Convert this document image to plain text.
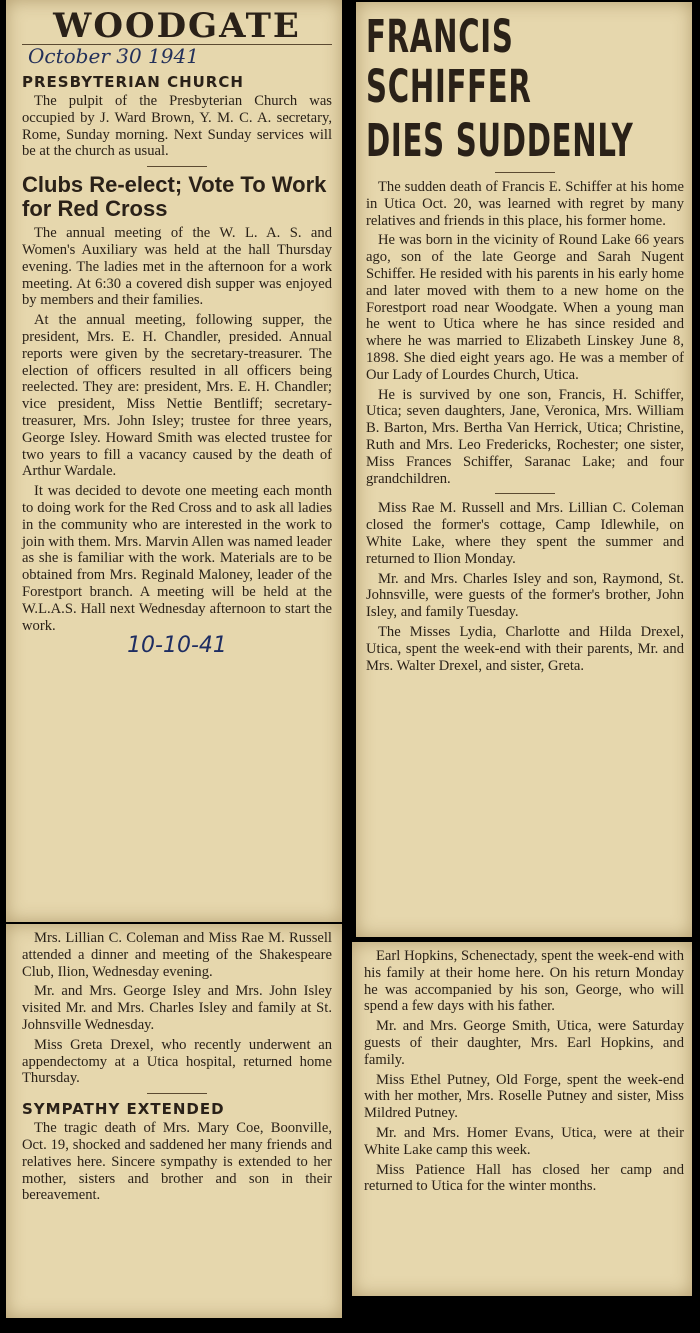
WOODGATE
October 30 1941
PRESBYTERIAN CHURCH

The pulpit of the Presbyterian Church was occupied by J. Ward Brown, Y. M. C. A. secretary, Rome, Sunday morning. Next Sunday services will be at the church as usual.

Clubs Re-elect; Vote To Work for Red Cross

The annual meeting of the W. L. A. S. and Women's Auxiliary was held at the hall Thursday evening. The ladies met in the afternoon for a work meeting. At 6:30 a covered dish supper was enjoyed by members and their families.

At the annual meeting, following supper, the president, Mrs. E. H. Chandler, presided. Annual reports were given by the secretary-treasurer. The election of officers resulted in all officers being reelected. They are: president, Mrs. E. H. Chandler; vice president, Miss Nettie Bentliff; secretary-treasurer, Mrs. John Isley; trustee for three years, George Isley. Howard Smith was elected trustee for two years to fill a vacancy caused by the death of Arthur Wardale.

It was decided to devote one meeting each month to doing work for the Red Cross and to ask all ladies in the community who are interested in the work to join with them. Mrs. Marvin Allen was named leader as she is familiar with the work. Materials are to be obtained from Mrs. Reginald Maloney, leader of the Forestport branch. A meeting will be held at the W.L.A.S. Hall next Wednesday afternoon to start the work.

10-10-41

Mrs. Lillian C. Coleman and Miss Rae M. Russell attended a dinner and meeting of the Shakespeare Club, Ilion, Wednesday evening.

Mr. and Mrs. George Isley and Mrs. John Isley visited Mr. and Mrs. Charles Isley and family at St. Johnsville Wednesday.

Miss Greta Drexel, who recently underwent an appendectomy at a Utica hospital, returned home Thursday.

SYMPATHY EXTENDED

The tragic death of Mrs. Mary Coe, Boonville, Oct. 19, shocked and saddened her many friends and relatives here. Sincere sympathy is extended to her mother, sisters and brother and son in their bereavement.

FRANCIS SCHIFFER
DIES SUDDENLY

The sudden death of Francis E. Schiffer at his home in Utica Oct. 20, was learned with regret by many relatives and friends in this place, his former home.

He was born in the vicinity of Round Lake 66 years ago, son of the late George and Sarah Nugent Schiffer. He resided with his parents in his early home and later moved with them to a new home on the Forestport road near Woodgate. When a young man he went to Utica where he has since resided and where he was married to Elizabeth Linskey June 8, 1898. She died eight years ago. He was a member of Our Lady of Lourdes Church, Utica.

He is survived by one son, Francis, H. Schiffer, Utica; seven daughters, Jane, Veronica, Mrs. William B. Barton, Mrs. Bertha Van Herrick, Utica; Christine, Ruth and Mrs. Leo Fredericks, Rochester; one sister, Miss Frances Schiffer, Saranac Lake; and four grandchildren.

Miss Rae M. Russell and Mrs. Lillian C. Coleman closed the former's cottage, Camp Idlewhile, on White Lake, where they spent the summer and returned to Ilion Monday.

Mr. and Mrs. Charles Isley and son, Raymond, St. Johnsville, were guests of the former's brother, John Isley, and family Tuesday.

The Misses Lydia, Charlotte and Hilda Drexel, Utica, spent the week-end with their parents, Mr. and Mrs. Walter Drexel, and sister, Greta.

Earl Hopkins, Schenectady, spent the week-end with his family at their home here. On his return Monday he was accompanied by his son, George, who will spend a few days with his father.

Mr. and Mrs. George Smith, Utica, were Saturday guests of their daughter, Mrs. Earl Hopkins, and family.

Miss Ethel Putney, Old Forge, spent the week-end with her mother, Mrs. Roselle Putney and sister, Miss Mildred Putney.

Mr. and Mrs. Homer Evans, Utica, were at their White Lake camp this week.

Miss Patience Hall has closed her camp and returned to Utica for the winter months.
